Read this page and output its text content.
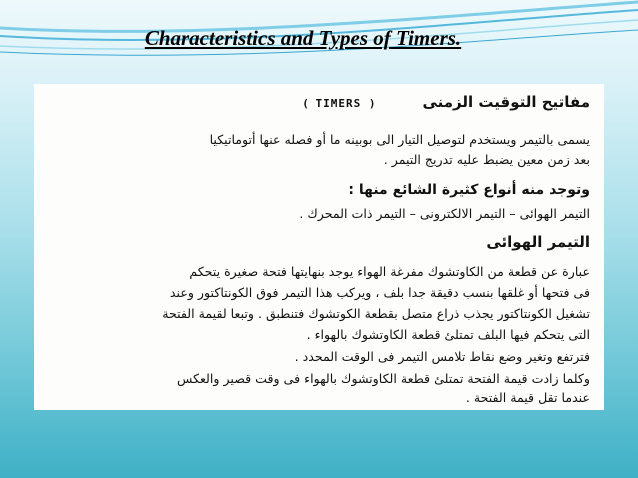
Characteristics and Types of Timers.
مفاتيح التوقيت الزمنى         ( TIMERS )
يسمى بالتيمر ويستخدم لتوصيل التيار الى بوبينه ما أو فصله عنها أتوماتيكيا
بعد زمن معين يضبط عليه تدريج التيمر .
وتوجد منه أنواع كثيرة الشائع منها :
التيمر الهوائى – التيمر الالكترونى – التيمر ذات المحرك .
التيمر الهوائى
عبارة عن قطعة من الكاوتشوك مفرغة الهواء يوجد بنهايتها فتحة صغيرة يتحكم
فى فتحها أو غلقها بنسب دقيقة جدا بلف ، ويركب هذا التيمر فوق الكونتاكتور وعند
تشغيل الكونتاكتور يجذب ذراع متصل بقطعة الكوتشوك فتنطبق . وتبعا لقيمة الفتحة
التى يتحكم فيها البلف تمتلئ قطعة الكاوتشوك بالهواء .
فترتفع وتغير وضع نقاط تلامس التيمر فى الوقت المحدد .
وكلما زادت قيمة الفتحة تمتلئ قطعة الكاوتشوك بالهواء فى وقت قصير والعكس
عندما تقل قيمة الفتحة .
